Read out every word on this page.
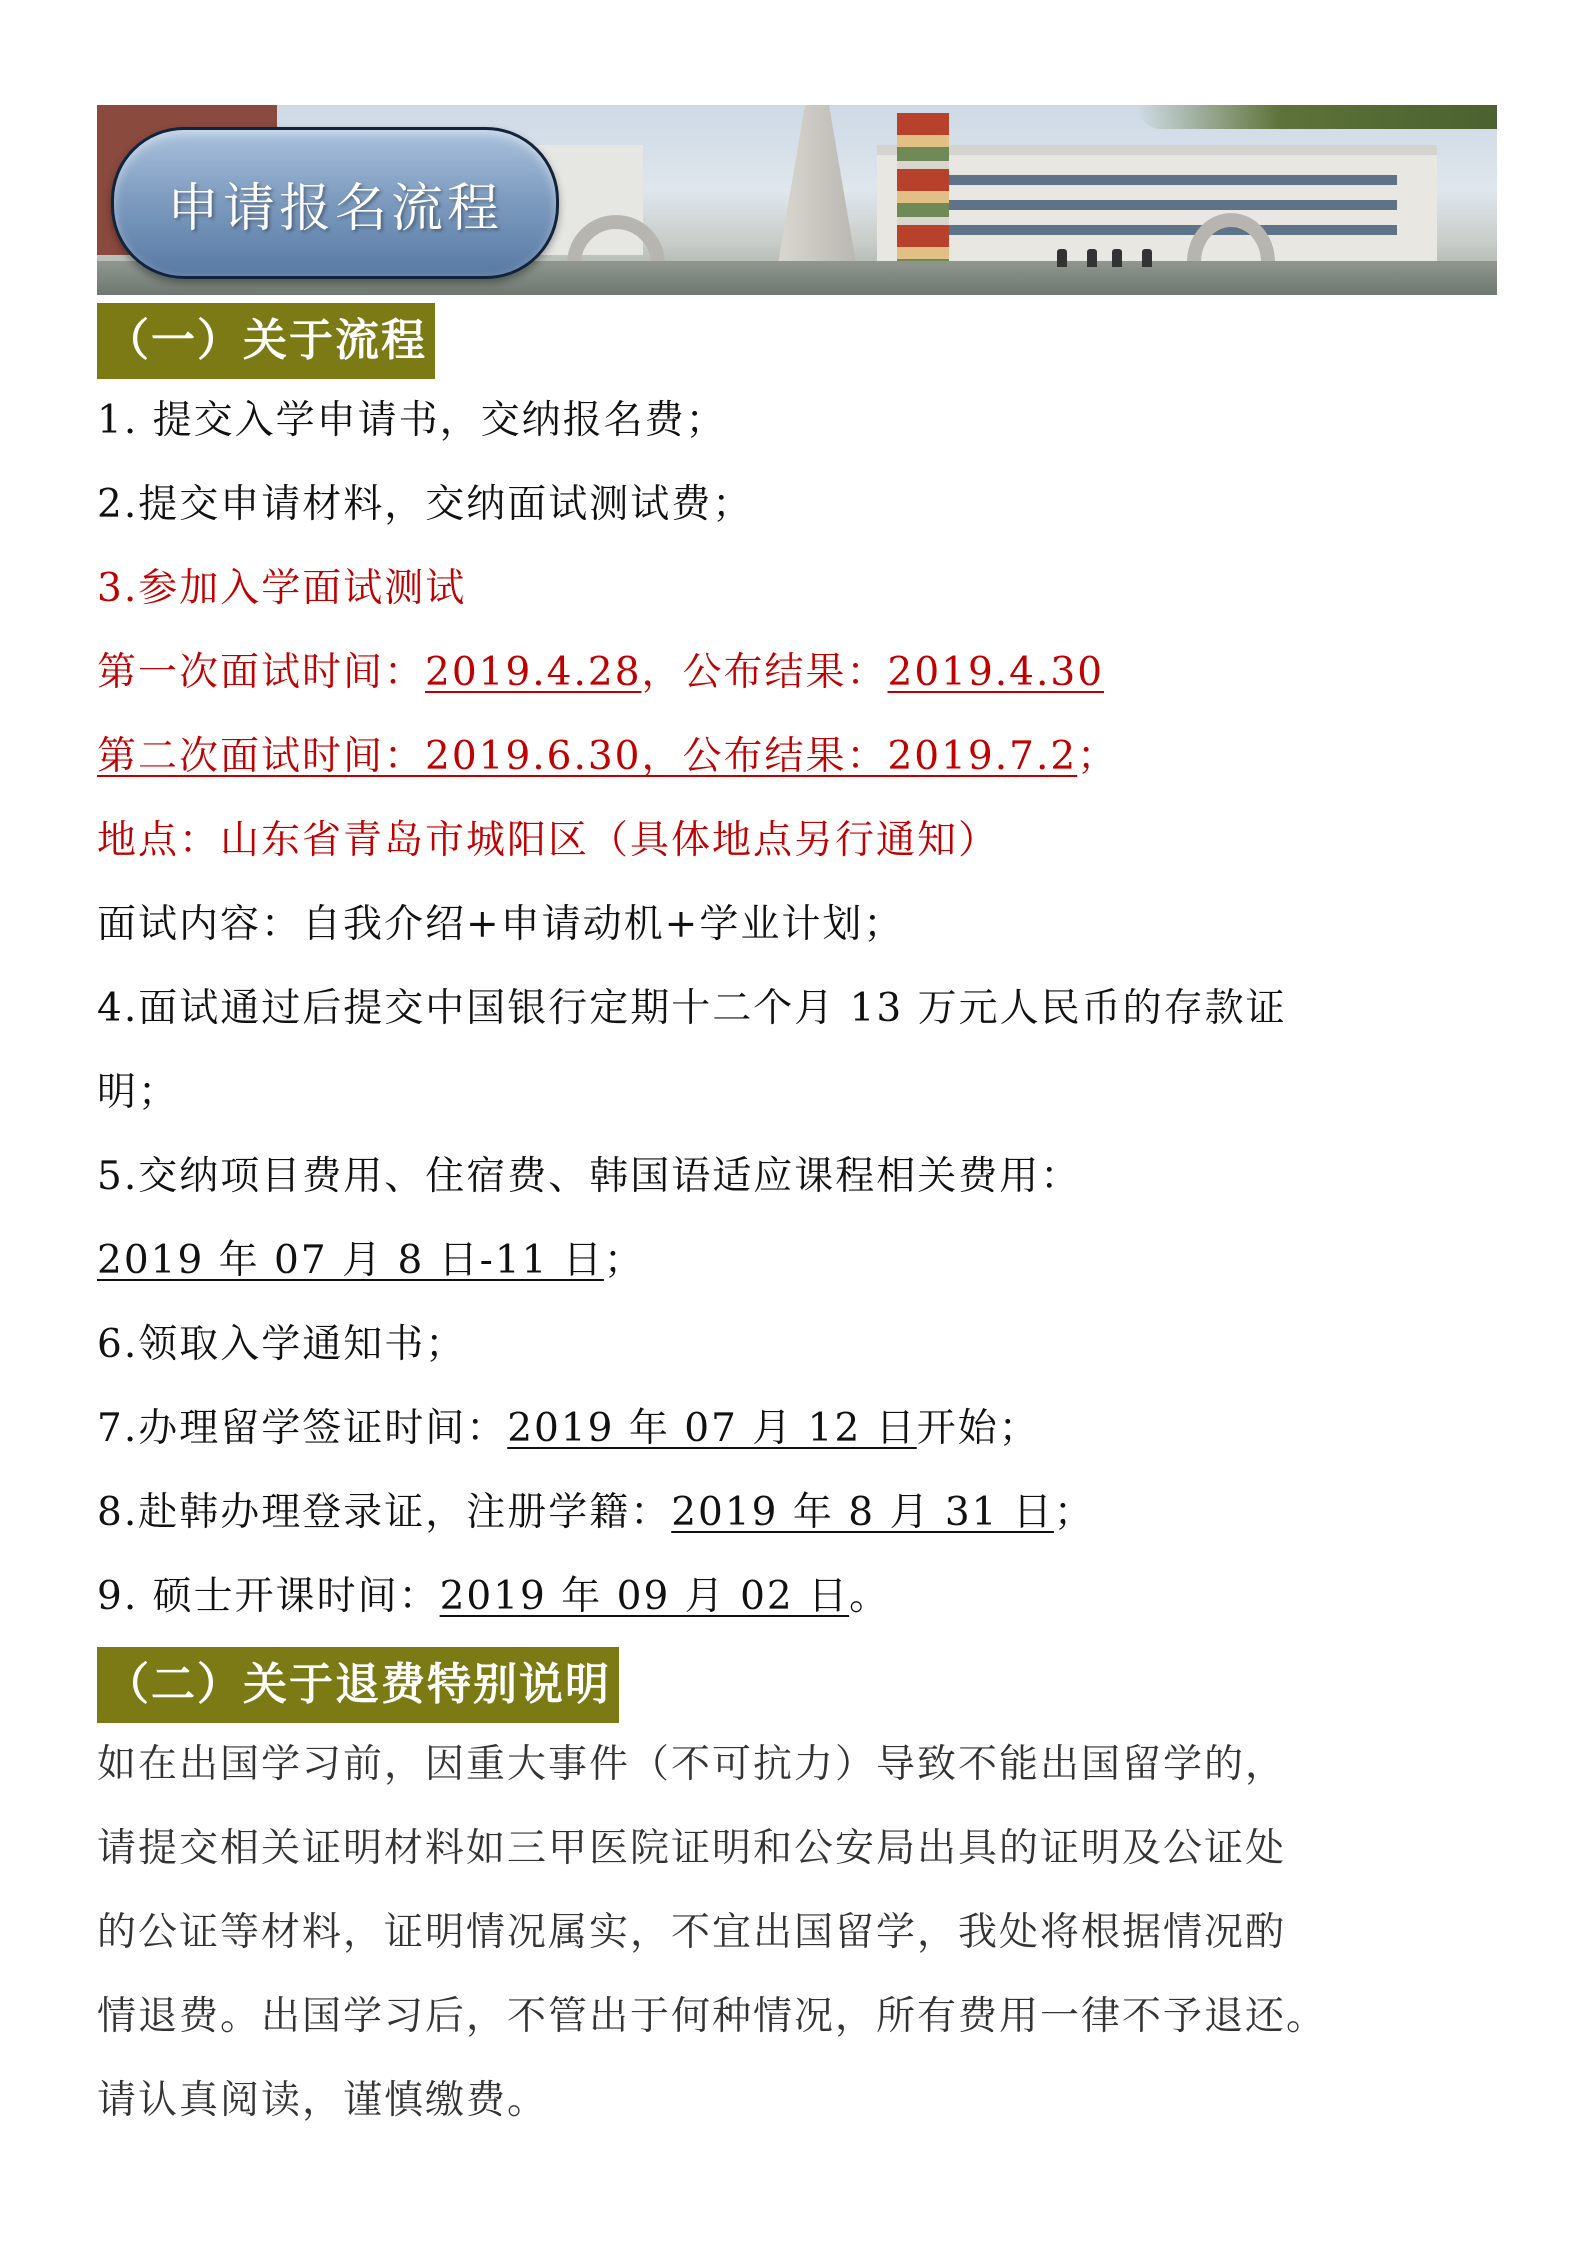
申请报名流程
（一）关于流程
1. 提交入学申请书，交纳报名费；
2.提交申请材料，交纳面试测试费；
3.参加入学面试测试
第一次面试时间：2019.4.28，公布结果：2019.4.30
第二次面试时间：2019.6.30，公布结果：2019.7.2；
地点：山东省青岛市城阳区（具体地点另行通知）
面试内容：自我介绍+申请动机+学业计划；
4.面试通过后提交中国银行定期十二个月 13 万元人民币的存款证
明；
5.交纳项目费用、住宿费、韩国语适应课程相关费用：
2019 年 07 月 8 日-11 日；
6.领取入学通知书；
7.办理留学签证时间：2019 年 07 月 12 日开始；
8.赴韩办理登录证，注册学籍：2019 年 8 月 31 日；
9. 硕士开课时间：2019 年 09 月 02 日。
（二）关于退费特别说明
如在出国学习前，因重大事件（不可抗力）导致不能出国留学的，
请提交相关证明材料如三甲医院证明和公安局出具的证明及公证处
的公证等材料，证明情况属实，不宜出国留学，我处将根据情况酌
情退费。出国学习后，不管出于何种情况，所有费用一律不予退还。
请认真阅读，谨慎缴费。
